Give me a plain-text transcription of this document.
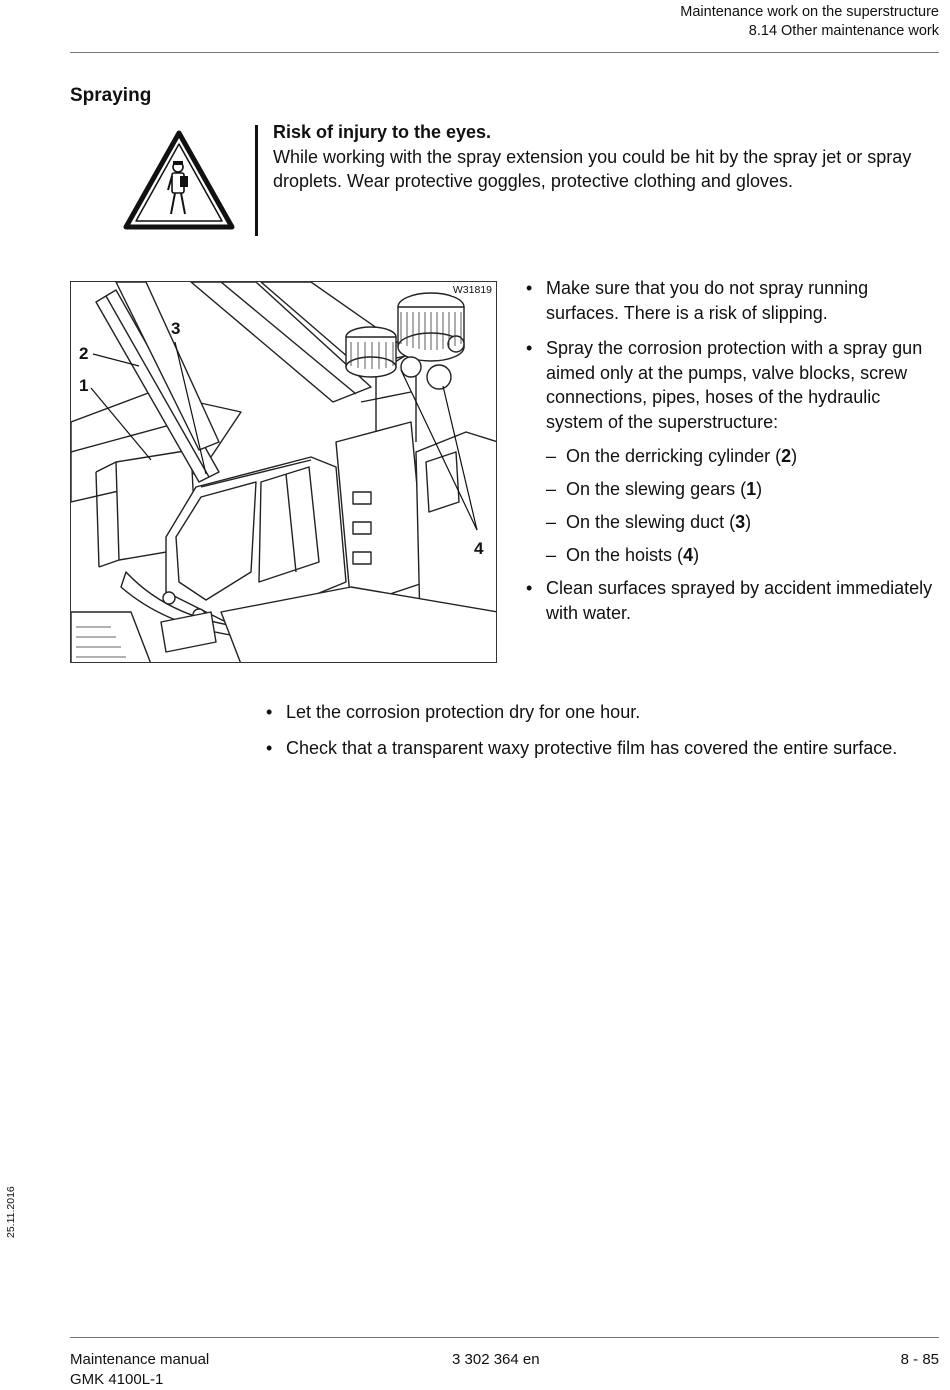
Maintenance work on the superstructure
8.14 Other maintenance work
Spraying
Risk of injury to the eyes.
While working with the spray extension you could be hit by the spray jet or spray droplets. Wear protective goggles, protective clothing and gloves.
W31819
2
1
3
4
• Make sure that you do not spray running surfaces. There is a risk of slipping.
• Spray the corrosion protection with a spray gun aimed only at the pumps, valve blocks, screw connections, pipes, hoses of the hydraulic system of the superstructure:
– On the derricking cylinder (2)
– On the slewing gears (1)
– On the slewing duct (3)
– On the hoists (4)
• Clean surfaces sprayed by accident immediately with water.
• Let the corrosion protection dry for one hour.
• Check that a transparent waxy protective film has covered the entire surface.
25.11.2016
Maintenance manual
GMK 4100L-1
3 302 364 en	8 - 85
